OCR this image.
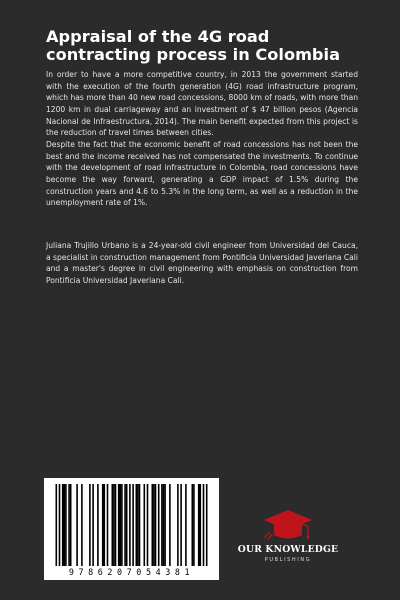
Appraisal of the 4G road contracting process in Colombia

In order to have a more competitive country, in 2013 the government started with the execution of the fourth generation (4G) road infrastructure program, which has more than 40 new road concessions, 8000 km of roads, with more than 1200 km in dual carriageway and an investment of $ 47 billion pesos (Agencia Nacional de Infraestructura, 2014). The main benefit expected from this project is the reduction of travel times between cities.

Despite the fact that the economic benefit of road concessions has not been the best and the income received has not compensated the investments. To continue with the development of road infrastructure in Colombia, road concessions have become the way forward, generating a GDP impact of 1.5% during the construction years and 4.6 to 5.3% in the long term, as well as a reduction in the unemployment rate of 1%.

Juliana Trujillo Urbano is a 24-year-old civil engineer from Universidad del Cauca, a specialist in construction management from Pontificia Universidad Javeriana Cali and a master's degree in civil engineering with emphasis on construction from Pontificia Universidad Javeriana Cali.

9786207054381
OUR KNOWLEDGE
PUBLISHING
